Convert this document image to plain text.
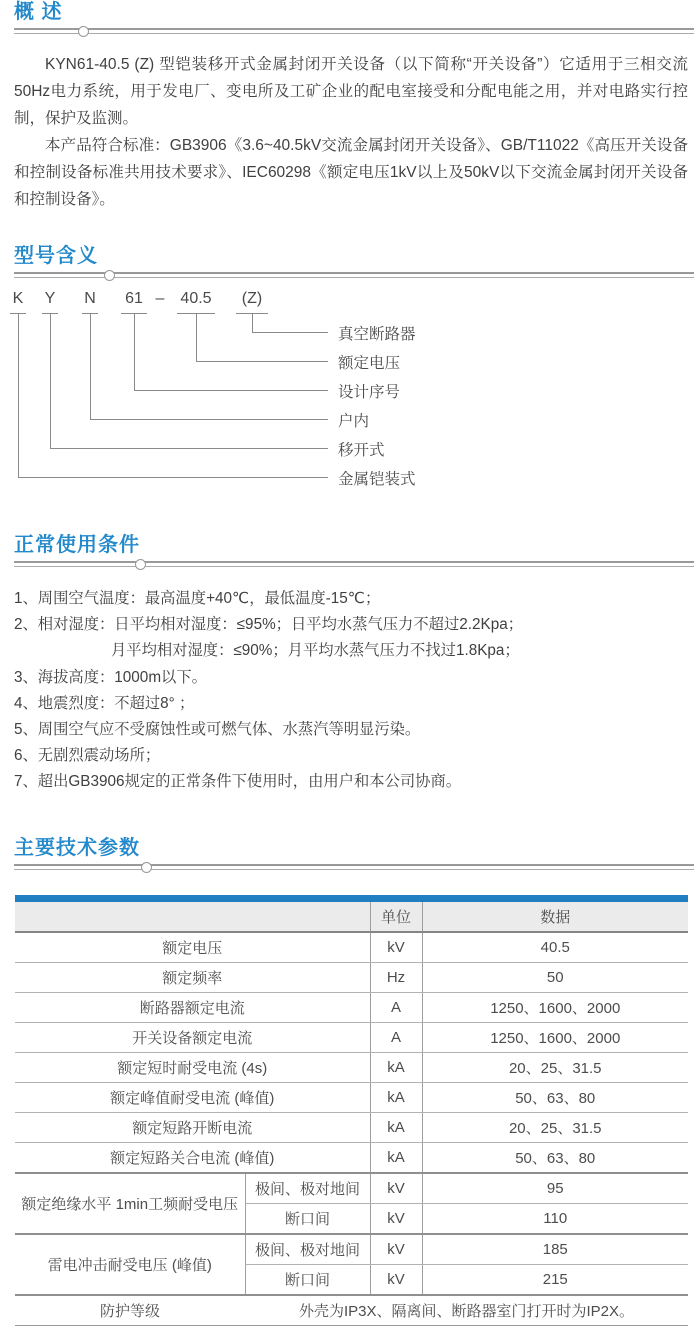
概 述

KYN61-40.5 (Z) 型铠装移开式金属封闭开关设备（以下简称“开关设备”）它适用于三相交流50Hz电力系统，用于发电厂、变电所及工矿企业的配电室接受和分配电能之用，并对电路实行控制，保护及监测。

本产品符合标准：GB3906《3.6~40.5kV交流金属封闭开关设备》、GB/T11022《高压开关设备和控制设备标准共用技术要求》、IEC60298《额定电压1kV以上及50kV以下交流金属封闭开关设备和控制设备》。

型号含义
K Y N 61 – 40.5 (Z)
真空断路器
额定电压
设计序号
户内
移开式
金属铠装式
正常使用条件
1、周围空气温度：最高温度+40℃，最低温度-15℃；
2、相对湿度：日平均相对湿度：≤95%；日平均水蒸气压力不超过2.2Kpa；
月平均相对湿度：≤90%；月平均水蒸气压力不找过1.8Kpa；
3、海拔高度：1000m以下。
4、地震烈度：不超过8° ；
5、周围空气应不受腐蚀性或可燃气体、水蒸汽等明显污染。
6、无剧烈震动场所；
7、超出GB3906规定的正常条件下使用时，由用户和本公司协商。
主要技术参数
		单位	数据
额定电压		kV	40.5
额定频率		Hz	50
断路器额定电流		A	1250、1600、2000
开关设备额定电流		A	1250、1600、2000
额定短时耐受电流 (4s)		kA	20、25、31.5
额定峰值耐受电流 (峰值)		kA	50、63、80
额定短路开断电流		kA	20、25、31.5
额定短路关合电流 (峰值)		kA	50、63、80
额定绝缘水平 1min工频耐受电压	极间、极对地间	kV	95
	断口间	kV	110
雷电冲击耐受电压 (峰值)	极间、极对地间	kV	185
	断口间	kV	215
防护等级	外壳为IP3X、隔离间、断路器室门打开时为IP2X。		
